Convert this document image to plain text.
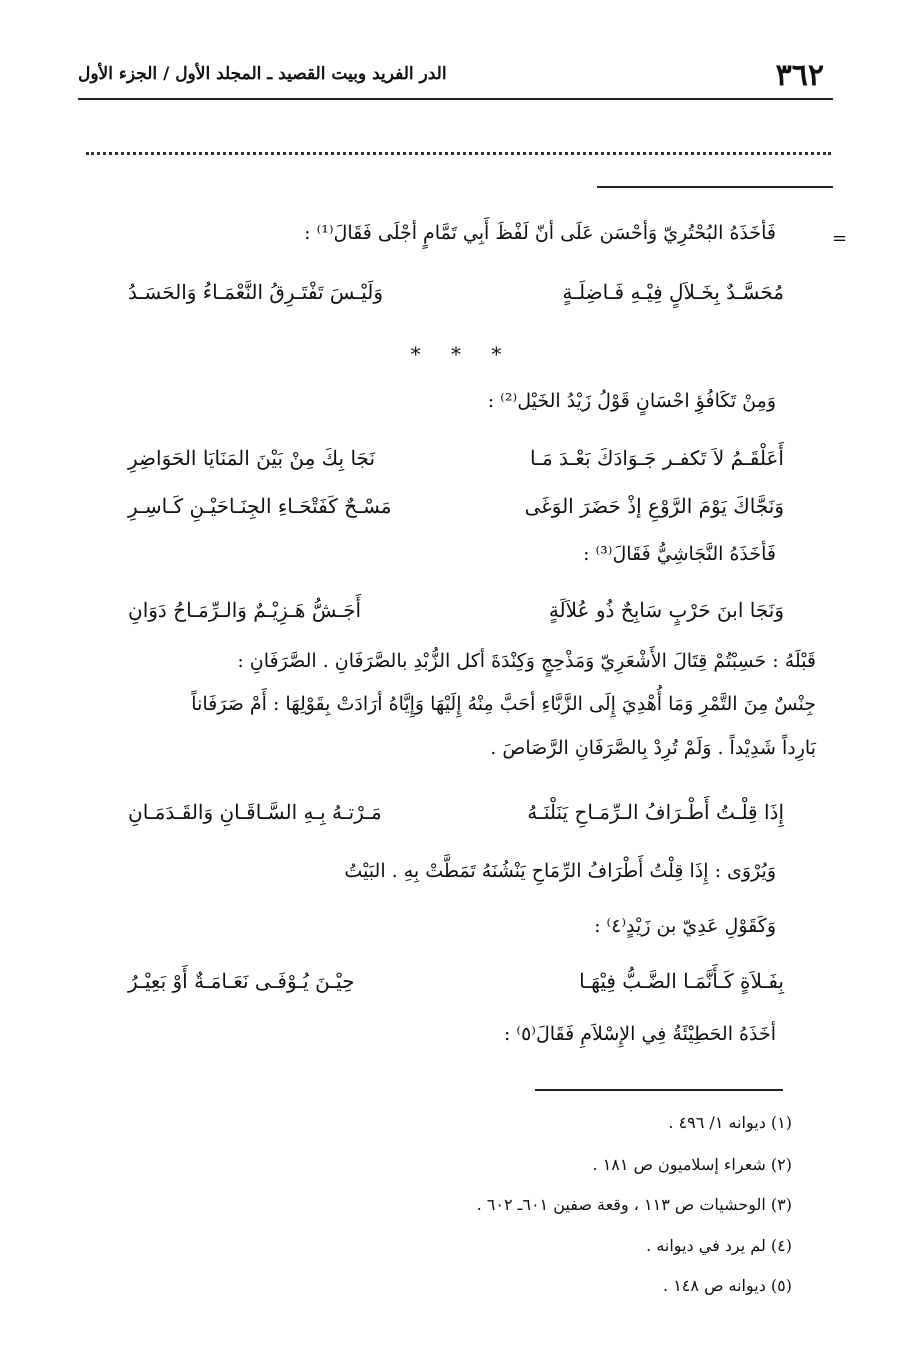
٣٦٢
الدر الفريد وبيت القصيد ـ المجلد الأول / الجزء الأول
=
فَأخَذَهُ البُحْتُرِيّ وَأحْسَن عَلَى أنّ لَفْظَ أَبِي تَمَّامٍ أجْلَى فَقَالَ⁽¹⁾ :
مُحَسَّـدٌ بِخَـلاَلٍ فِيْـهِ فَـاضِلَـةٍ
وَلَيْـسَ تَفْتَـرِقُ النَّعْمَـاءُ وَالحَسَـدُ
* * *
وَمِنْ تَكَافُؤِ احْسَانٍ قَوْلُ زَيْدُ الخَيْل⁽²⁾ :
أَعَلْقَـمُ لاَ تَكفـر جَـوَادَكَ بَعْـدَ مَـا
نَجَا بِكَ مِنْ بَيْنَ المَنَايَا الحَوَاضِرِ
وَنَجَّاكَ يَوْمَ الرَّوْعِ إذْ حَضَرَ الوَغَى
مَسْـحٌ كَفَتْحَـاءِ الجِنَـاحَيْـنِ كَـاسِـرِ
فَأخَذَهُ النَّجَاشِيُّ فَقَالَ⁽³⁾ :
وَنَجَا ابنَ حَرْبٍ سَابِحٌ ذُو عُلاَلَةٍ
أَجَـشُّ هَـزِيْـمٌ وَالـرِّمَـاحُ دَوَانِ
قَبْلَهُ : حَسِبْتُمْ قِتَالَ الأَشْعَرِيّ وَمَذْحِجٍ وَكِنْدَةَ أكل الزُّبْدِ بالصَّرَفَانِ . الصَّرَفَانِ :
جِنْسٌ مِنَ التَّمْرِ وَمَا أُهْدِيَ إِلَى الزَّبَّاءِ أحَبَّ مِنْهُ إِلَيْهَا وَإِيَّاهُ أرَادَتْ بِقَوْلِهَا : أَمْ صَرَفَاناً
بَارِداً شَدِيْداً . وَلَمْ تُرِدْ بِالصَّرَفَانِ الرَّصَاصَ .
إِذَا قِلْـتُ أَطْـرَافُ الـرِّمَـاحِ يَنَلْنَـهُ
مَـرْتـهُ بِـهِ السَّـاقَـانِ وَالقَـدَمَـانِ
وَيُرْوَى : إِذَا قِلْتُ أَطْرَافُ الرِّمَاحِ يَنْشُنَهُ تَمَطَّتْ بِهِ . البَيْتُ
وَكَقَوْلِ عَدِيّ بن زَيْدٍ⁽٤⁾ :
بِفَـلاَةٍ كَـأَنَّمَـا الضَّـبُّ فِيْهَـا
حِيْـنَ يُـوْفَـى نَعَـامَـةٌ أَوْ بَعِيْـرُ
أخَذَهُ الحَطِيْئَةُ فِي الإِسْلاَمِ فَقَالَ⁽٥⁾ :
(١) ديوانه ١/ ٤٩٦ .
(٢) شعراء إسلاميون ص ١٨١ .
(٣) الوحشيات ص ١١٣ ، وقعة صفين ٦٠١ـ ٦٠٢ .
(٤) لم يرد في ديوانه .
(٥) ديوانه ص ١٤٨ .
